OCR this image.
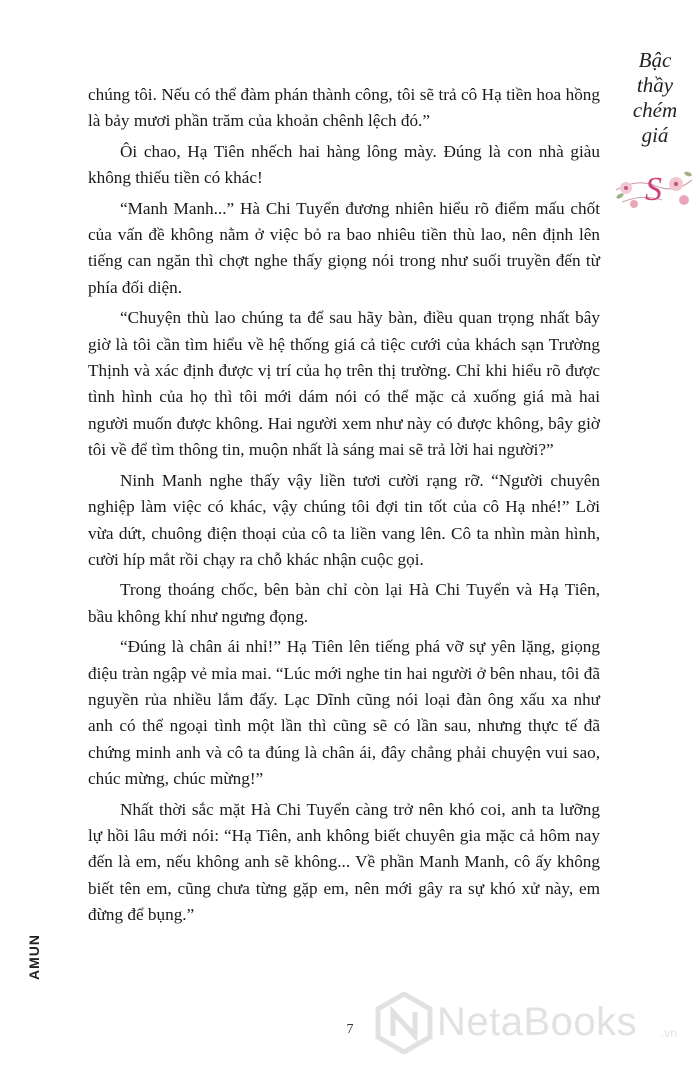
Bậc
thầy
chém
giá
S

chúng tôi. Nếu có thể đàm phán thành công, tôi sẽ trả cô Hạ tiền hoa hồng là bảy mươi phần trăm của khoản chênh lệch đó.”

Ôi chao, Hạ Tiên nhếch hai hàng lông mày. Đúng là con nhà giàu không thiếu tiền có khác!

“Manh Manh...” Hà Chi Tuyển đương nhiên hiểu rõ điểm mấu chốt của vấn đề không nằm ở việc bỏ ra bao nhiêu tiền thù lao, nên định lên tiếng can ngăn thì chợt nghe thấy giọng nói trong như suối truyền đến từ phía đối diện.

“Chuyện thù lao chúng ta để sau hãy bàn, điều quan trọng nhất bây giờ là tôi cần tìm hiểu về hệ thống giá cả tiệc cưới của khách sạn Trường Thịnh và xác định được vị trí của họ trên thị trường. Chỉ khi hiểu rõ được tình hình của họ thì tôi mới dám nói có thể mặc cả xuống giá mà hai người muốn được không. Hai người xem như này có được không, bây giờ tôi về để tìm thông tin, muộn nhất là sáng mai sẽ trả lời hai người?”

Ninh Manh nghe thấy vậy liền tươi cười rạng rỡ. “Người chuyên nghiệp làm việc có khác, vậy chúng tôi đợi tin tốt của cô Hạ nhé!” Lời vừa dứt, chuông điện thoại của cô ta liền vang lên. Cô ta nhìn màn hình, cười híp mắt rồi chạy ra chỗ khác nhận cuộc gọi.

Trong thoáng chốc, bên bàn chỉ còn lại Hà Chi Tuyển và Hạ Tiên, bầu không khí như ngưng đọng.

“Đúng là chân ái nhỉ!” Hạ Tiên lên tiếng phá vỡ sự yên lặng, giọng điệu tràn ngập vẻ mỉa mai. “Lúc mới nghe tin hai người ở bên nhau, tôi đã nguyền rủa nhiều lắm đấy. Lạc Dĩnh cũng nói loại đàn ông xấu xa như anh có thể ngoại tình một lần thì cũng sẽ có lần sau, nhưng thực tế đã chứng minh anh và cô ta đúng là chân ái, đây chẳng phải chuyện vui sao, chúc mừng, chúc mừng!”

Nhất thời sắc mặt Hà Chi Tuyển càng trở nên khó coi, anh ta lưỡng lự hồi lâu mới nói: “Hạ Tiên, anh không biết chuyên gia mặc cả hôm nay đến là em, nếu không anh sẽ không... Về phần Manh Manh, cô ấy không biết tên em, cũng chưa từng gặp em, nên mới gây ra sự khó xử này, em đừng để bụng.”

AMUN
7 NetaBooks .vn
